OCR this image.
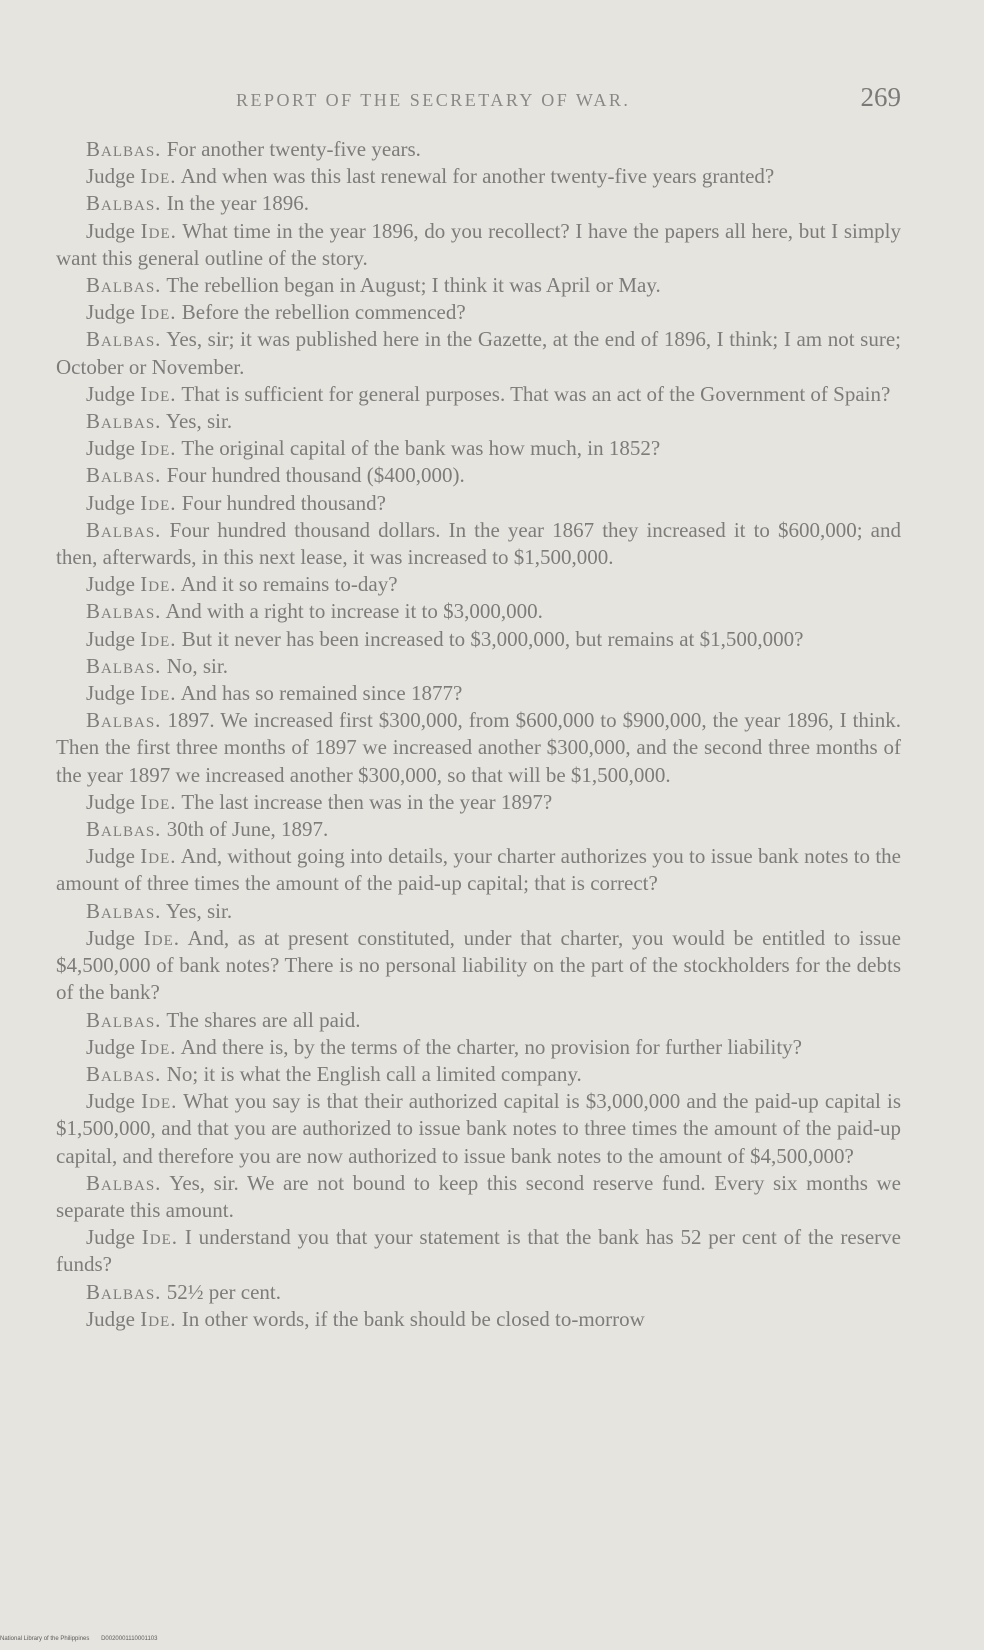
REPORT OF THE SECRETARY OF WAR.	269

Balbas. For another twenty-five years.

Judge Ide. And when was this last renewal for another twenty-five years granted?

Balbas. In the year 1896.

Judge Ide. What time in the year 1896, do you recollect? I have the papers all here, but I simply want this general outline of the story.

Balbas. The rebellion began in August; I think it was April or May.

Judge Ide. Before the rebellion commenced?

Balbas. Yes, sir; it was published here in the Gazette, at the end of 1896, I think; I am not sure; October or November.

Judge Ide. That is sufficient for general purposes. That was an act of the Government of Spain?

Balbas. Yes, sir.

Judge Ide. The original capital of the bank was how much, in 1852?

Balbas. Four hundred thousand ($400,000).

Judge Ide. Four hundred thousand?

Balbas. Four hundred thousand dollars. In the year 1867 they increased it to $600,000; and then, afterwards, in this next lease, it was increased to $1,500,000.

Judge Ide. And it so remains to-day?

Balbas. And with a right to increase it to $3,000,000.

Judge Ide. But it never has been increased to $3,000,000, but remains at $1,500,000?

Balbas. No, sir.

Judge Ide. And has so remained since 1877?

Balbas. 1897. We increased first $300,000, from $600,000 to $900,000, the year 1896, I think. Then the first three months of 1897 we increased another $300,000, and the second three months of the year 1897 we increased another $300,000, so that will be $1,500,000.

Judge Ide. The last increase then was in the year 1897?

Balbas. 30th of June, 1897.

Judge Ide. And, without going into details, your charter authorizes you to issue bank notes to the amount of three times the amount of the paid-up capital; that is correct?

Balbas. Yes, sir.

Judge Ide. And, as at present constituted, under that charter, you would be entitled to issue $4,500,000 of bank notes? There is no personal liability on the part of the stockholders for the debts of the bank?

Balbas. The shares are all paid.

Judge Ide. And there is, by the terms of the charter, no provision for further liability?

Balbas. No; it is what the English call a limited company.

Judge Ide. What you say is that their authorized capital is $3,000,000 and the paid-up capital is $1,500,000, and that you are authorized to issue bank notes to three times the amount of the paid-up capital, and therefore you are now authorized to issue bank notes to the amount of $4,500,000?

Balbas. Yes, sir. We are not bound to keep this second reserve fund. Every six months we separate this amount.

Judge Ide. I understand you that your statement is that the bank has 52 per cent of the reserve funds?

Balbas. 52½ per cent.

Judge Ide. In other words, if the bank should be closed to-morrow

National Library of the Philippines D0020001110001103
